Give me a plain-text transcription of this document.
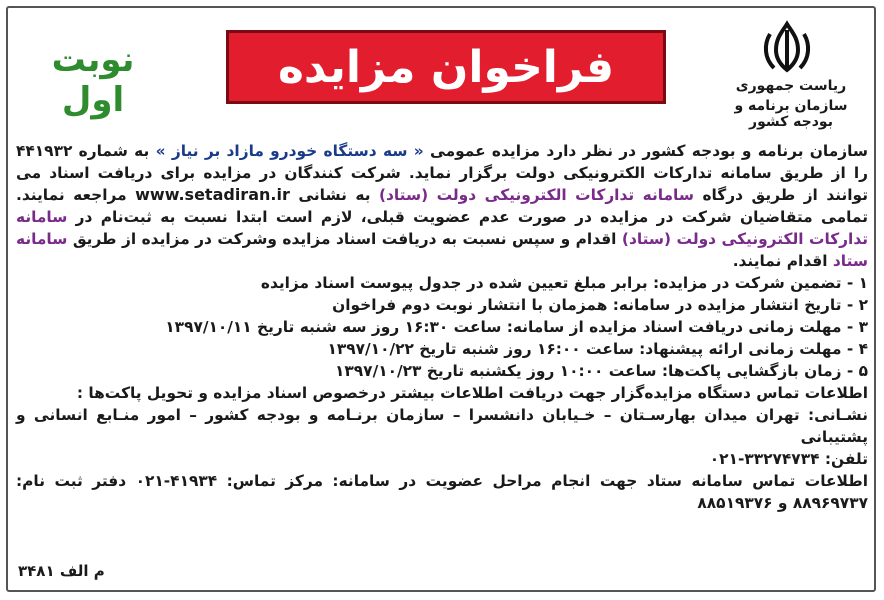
نوبت اول
فراخوان مزایده	ریاست جمهوری
سازمان برنامه و بودجه کشور

سازمان برنامه و بودجه کشور در نظر دارد مزایده عمومی « سه دستگاه خودرو مازاد بر نیاز » به شماره ۴۴۱۹۳۲ را از طریق سامانه تدارکات الکترونیکی دولت برگزار نماید. شرکت کنندگان در مزایده برای دریافت اسناد می توانند از طریق درگاه سامانه تدارکات الکترونیکی دولت (ستاد) به نشانی www.setadiran.ir مراجعه نمایند. تمامی متقاضیان شرکت در مزایده در صورت عدم عضویت قبلی، لازم است ابتدا نسبت به ثبت‌نام در سامانه تدارکات الکترونیکی دولت (ستاد) اقدام و سپس نسبت به دریافت اسناد مزایده وشرکت در مزایده از طریق سامانه ستاد اقدام نمایند.

۱ - تضمین شرکت در مزایده: برابر مبلغ تعیین شده در جدول پیوست اسناد مزایده
۲ - تاریخ انتشار مزایده در سامانه: همزمان با انتشار نوبت دوم فراخوان
۳ - مهلت زمانی دریافت اسناد مزایده از سامانه: ساعت ۱۶:۳۰ روز سه شنبه تاریخ ۱۳۹۷/۱۰/۱۱
۴ - مهلت زمانی ارائه پیشنهاد: ساعت ۱۶:۰۰ روز شنبه تاریخ ۱۳۹۷/۱۰/۲۲
۵ - زمان بازگشایی پاکت‌ها: ساعت ۱۰:۰۰ روز یکشنبه تاریخ ۱۳۹۷/۱۰/۲۳

اطلاعات تماس دستگاه مزایده‌گزار جهت دریافت اطلاعات بیشتر درخصوص اسناد مزایده و تحویل پاکت‌ها :

نشـانی: تهران میدان بهارسـتان – خـیابان دانشسرا – سازمان برنـامه و بودجه کشور – امور منـابع انسانی و پشتیبانی

تلفن: ۳۳۲۷۴۷۳۴-۰۲۱

اطلاعات تماس سامانه ستاد جهت انجام مراحل عضویت در سامانه: مرکز تماس: ۴۱۹۳۴-۰۲۱ دفتر ثبت نام: ۸۸۹۶۹۷۳۷ و ۸۸۵۱۹۳۷۶

م الف ۳۴۸۱
